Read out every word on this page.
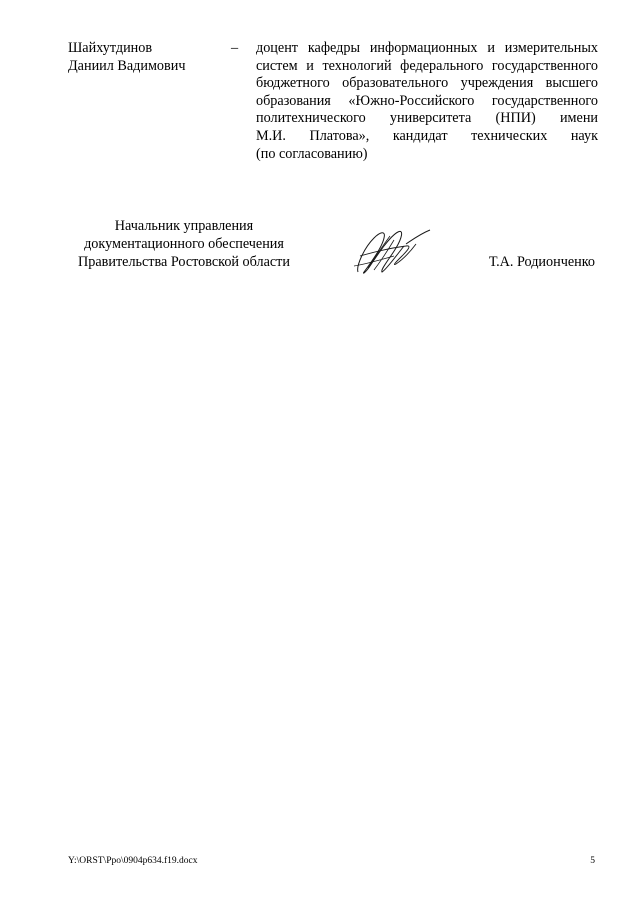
Шайхутдинов
Даниил Вадимович
– доцент кафедры информационных и измерительных
систем и технологий федерального государственного
бюджетного образовательного учреждения высшего
образования «Южно-Российского государственного
политехнического университета (НПИ) имени
М.И. Платова», кандидат технических наук
(по согласованию)
Начальник управления
документационного обеспечения
Правительства Ростовской области	Т.А. Родионченко
Y:\ORST\Ppo\0904p634.f19.docx	5
